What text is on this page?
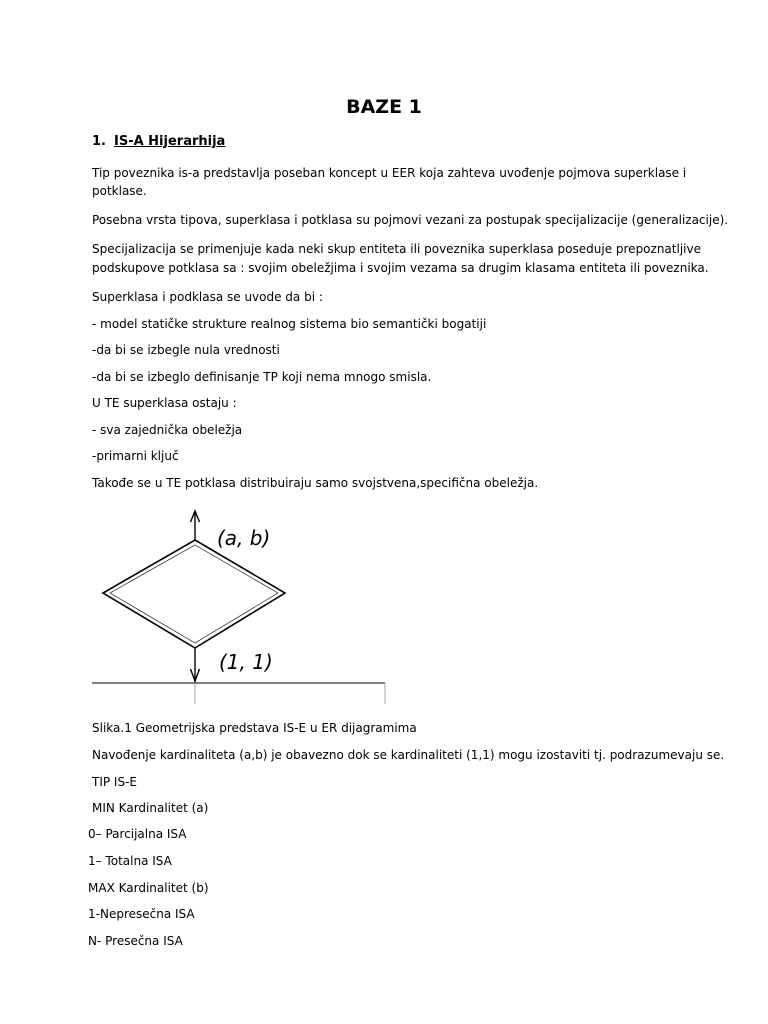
BAZE 1
1. IS-A Hijerarhija
Tip poveznika is-a predstavlja poseban koncept u EER koja zahteva uvođenje pojmova superklase i
potklase.
Posebna vrsta tipova, superklasa i potklasa su pojmovi vezani za postupak specijalizacije (generalizacije).
Specijalizacija se primenjuje kada neki skup entiteta ili poveznika superklasa poseduje prepoznatljive
podskupove potklasa sa : svojim obeležjima i svojim vezama sa drugim klasama entiteta ili poveznika.
Superklasa i podklasa se uvode da bi :
- model statičke strukture realnog sistema bio semantički bogatiji
-da bi se izbegle nula vrednosti
-da bi se izbeglo definisanje TP koji nema mnogo smisla.
U TE superklasa ostaju :
- sva zajednička obeležja
-primarni ključ
Takođe se u TE potklasa distribuiraju samo svojstvena,specifična obeležja.
(a, b)
(1, 1)
Slika.1 Geometrijska predstava IS-E u ER dijagramima
Navođenje kardinaliteta (a,b) je obavezno dok se kardinaliteti (1,1) mogu izostaviti tj. podrazumevaju se.
TIP IS-E
MIN Kardinalitet (a)
0– Parcijalna ISA
1– Totalna ISA
MAX Kardinalitet (b)
1-Nepresečna ISA
N- Presečna ISA
